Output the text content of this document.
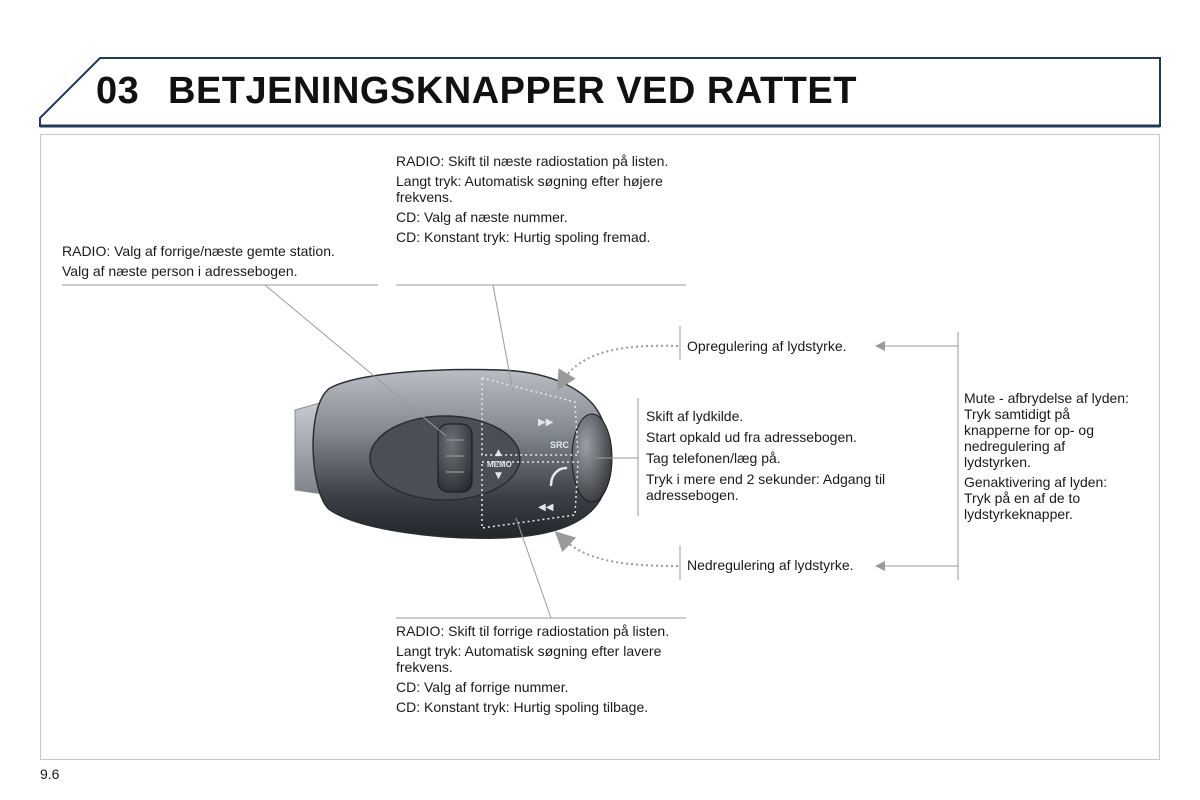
03 BETJENINGSKNAPPER VED RATTET
MEMO
▲
▼
SRC
▶▶
◀◀

RADIO: Skift til næste radiostation på listen.

Langt tryk: Automatisk søgning efter højere frekvens.

CD: Valg af næste nummer.

CD: Konstant tryk: Hurtig spoling fremad.

RADIO: Valg af forrige/næste gemte station.

Valg af næste person i adressebogen.

Opregulering af lydstyrke.

Skift af lydkilde.

Start opkald ud fra adressebogen.

Tag telefonen/læg på.

Tryk i mere end 2 sekunder: Adgang til adressebogen.

Mute - afbrydelse af lyden: Tryk samtidigt på knapperne for op- og nedregulering af lydstyrken.

Genaktivering af lyden: Tryk på en af de to lydstyrkeknapper.

Nedregulering af lydstyrke.

RADIO: Skift til forrige radiostation på listen.

Langt tryk: Automatisk søgning efter lavere frekvens.

CD: Valg af forrige nummer.

CD: Konstant tryk: Hurtig spoling tilbage.

9.6
